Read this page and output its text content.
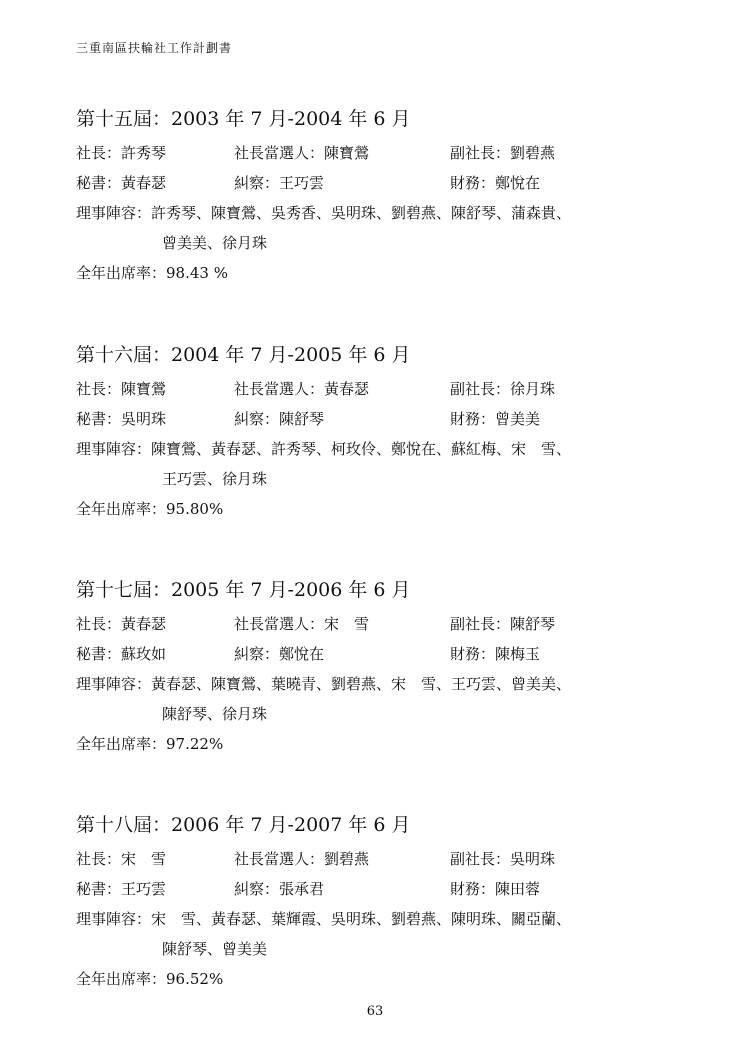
三重南區扶輪社工作計劃書
第十五屆：2003 年 7 月-2004 年 6 月
社長：許秀琴	社長當選人：陳寶鶯	副社長：劉碧燕
秘書：黃春瑟	糾察：王巧雲	財務：鄭悅在
理事陣容：許秀琴、陳寶鶯、吳秀香、吳明珠、劉碧燕、陳舒琴、蒲森貴、
曾美美、徐月珠
全年出席率：98.43 %
第十六屆：2004 年 7 月-2005 年 6 月
社長：陳寶鶯	社長當選人：黃春瑟	副社長：徐月珠
秘書：吳明珠	糾察：陳舒琴	財務：曾美美
理事陣容：陳寶鶯、黃春瑟、許秀琴、柯玫伶、鄭悅在、蘇紅梅、宋　雪、
王巧雲、徐月珠
全年出席率：95.80%
第十七屆：2005 年 7 月-2006 年 6 月
社長：黃春瑟	社長當選人：宋　雪	副社長：陳舒琴
秘書：蘇玫如	糾察：鄭悅在	財務：陳梅玉
理事陣容：黃春瑟、陳寶鶯、葉曉青、劉碧燕、宋　雪、王巧雲、曾美美、
陳舒琴、徐月珠
全年出席率：97.22%
第十八屆：2006 年 7 月-2007 年 6 月
社長：宋　雪	社長當選人：劉碧燕	副社長：吳明珠
秘書：王巧雲	糾察：張承君	財務：陳田蓉
理事陣容：宋　雪、黃春瑟、葉輝霞、吳明珠、劉碧燕、陳明珠、關亞蘭、
陳舒琴、曾美美
全年出席率：96.52%
63
